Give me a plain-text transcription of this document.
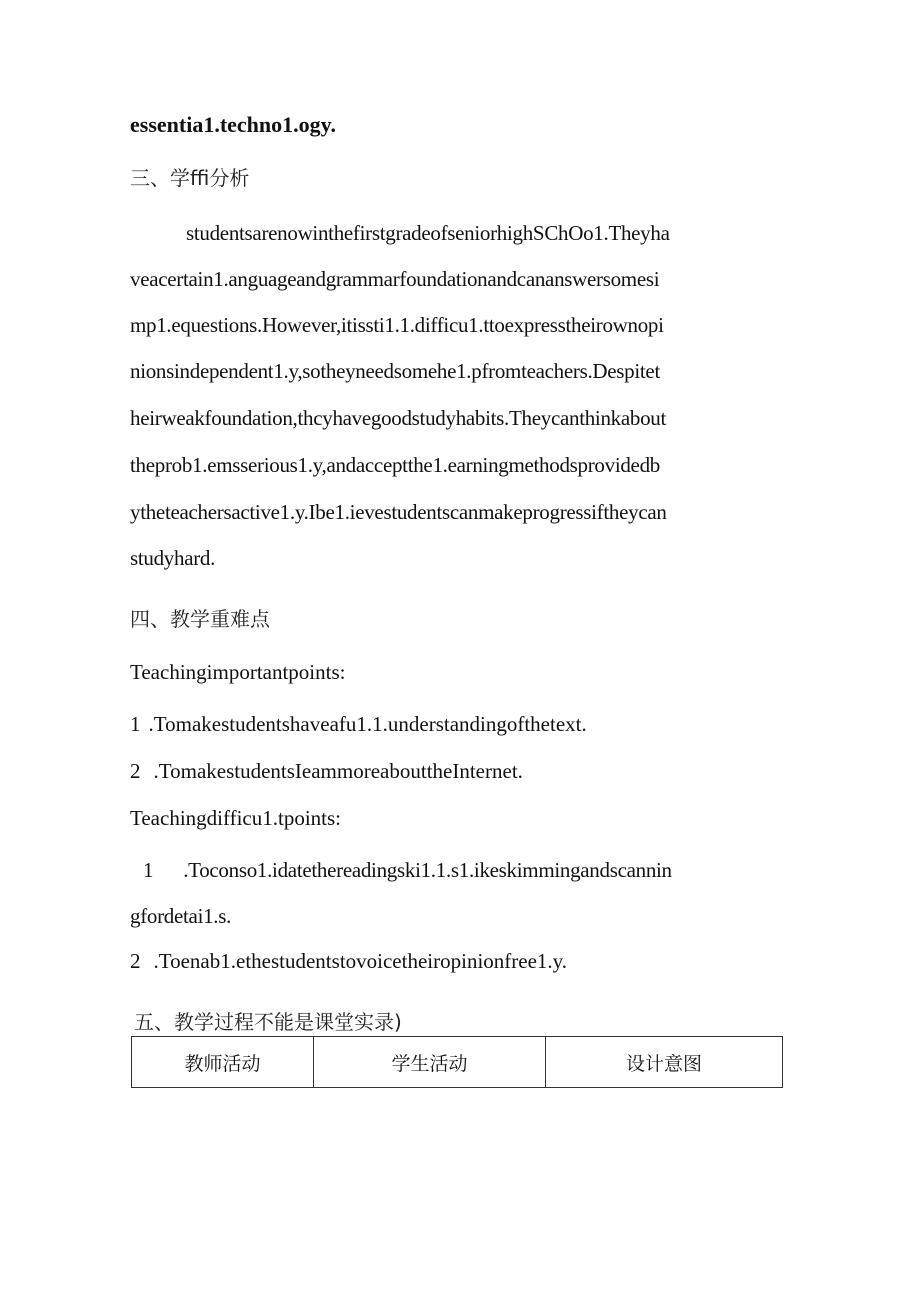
essentia1.techno1.ogy.
三、学ffi分析
studentsarenowinthefirstgradeofseniorhighSChOo1.Theyha
veacertain1.anguageandgrammarfoundationandcananswersomesi
mp1.equestions.However,itissti1.1.difficu1.ttoexpresstheirownopi
nionsindependent1.y,sotheyneedsomehe1.pfromteachers.Despitet
heirweakfoundation,thcyhavegoodstudyhabits.Theycanthinkabout
theprob1.emsserious1.y,andacceptthe1.earningmethodsprovidedb
ytheteachersactive1.y.Ibe1.ievestudentscanmakeprogressiftheycan
studyhard.
四、教学重难点
Teachingimportantpoints:
1 .Tomakestudentshaveafu1.1.understandingofthetext.
2 .TomakestudentsIeammoreabouttheInternet.
Teachingdifficu1.tpoints:
1 .Toconso1.idatethereadingski1.1.s1.ikeskimmingandscannin
gfordetai1.s.
2 .Toenab1.ethestudentstovoicetheiropinionfree1.y.
五、教学过程不能是课堂实录)
教师活动	学生活动	设计意图
